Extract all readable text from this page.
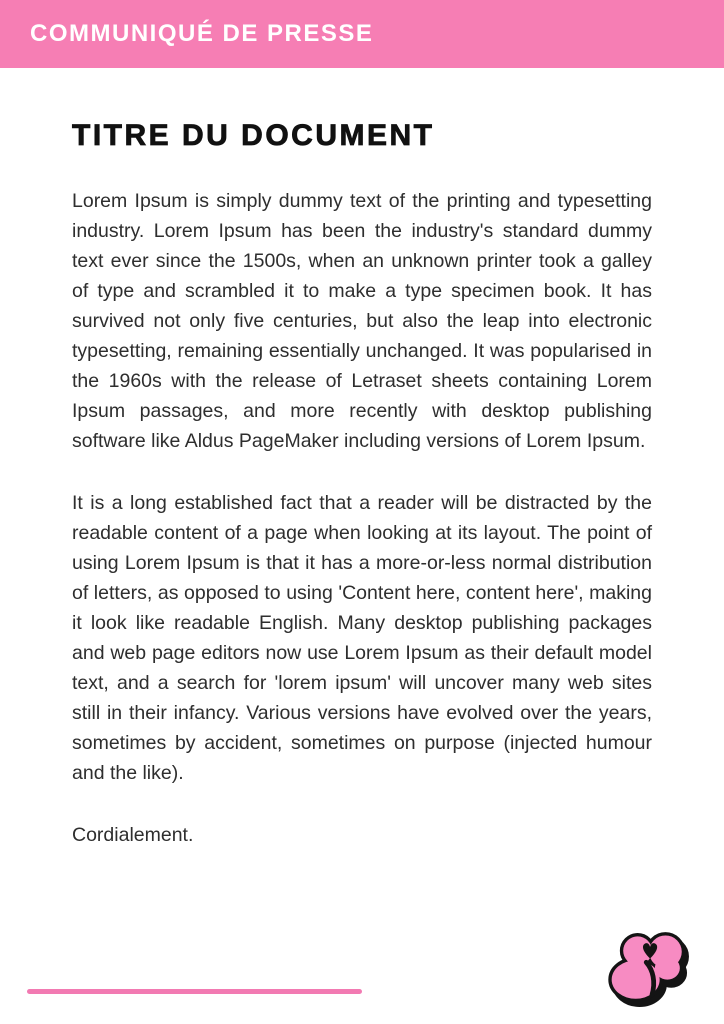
COMMUNIQUÉ DE PRESSE
TITRE DU DOCUMENT

Lorem Ipsum is simply dummy text of the printing and typesetting industry. Lorem Ipsum has been the industry's standard dummy text ever since the 1500s, when an unknown printer took a galley of type and scrambled it to make a type specimen book. It has survived not only five centuries, but also the leap into electronic typesetting, remaining essentially unchanged. It was popularised in the 1960s with the release of Letraset sheets containing Lorem Ipsum passages, and more recently with desktop publishing software like Aldus PageMaker including versions of Lorem Ipsum.

It is a long established fact that a reader will be distracted by the readable content of a page when looking at its layout. The point of using Lorem Ipsum is that it has a more-or-less normal distribution of letters, as opposed to using 'Content here, content here', making it look like readable English. Many desktop publishing packages and web page editors now use Lorem Ipsum as their default model text, and a search for 'lorem ipsum' will uncover many web sites still in their infancy. Various versions have evolved over the years, sometimes by accident, sometimes on purpose (injected humour and the like).

Cordialement.
